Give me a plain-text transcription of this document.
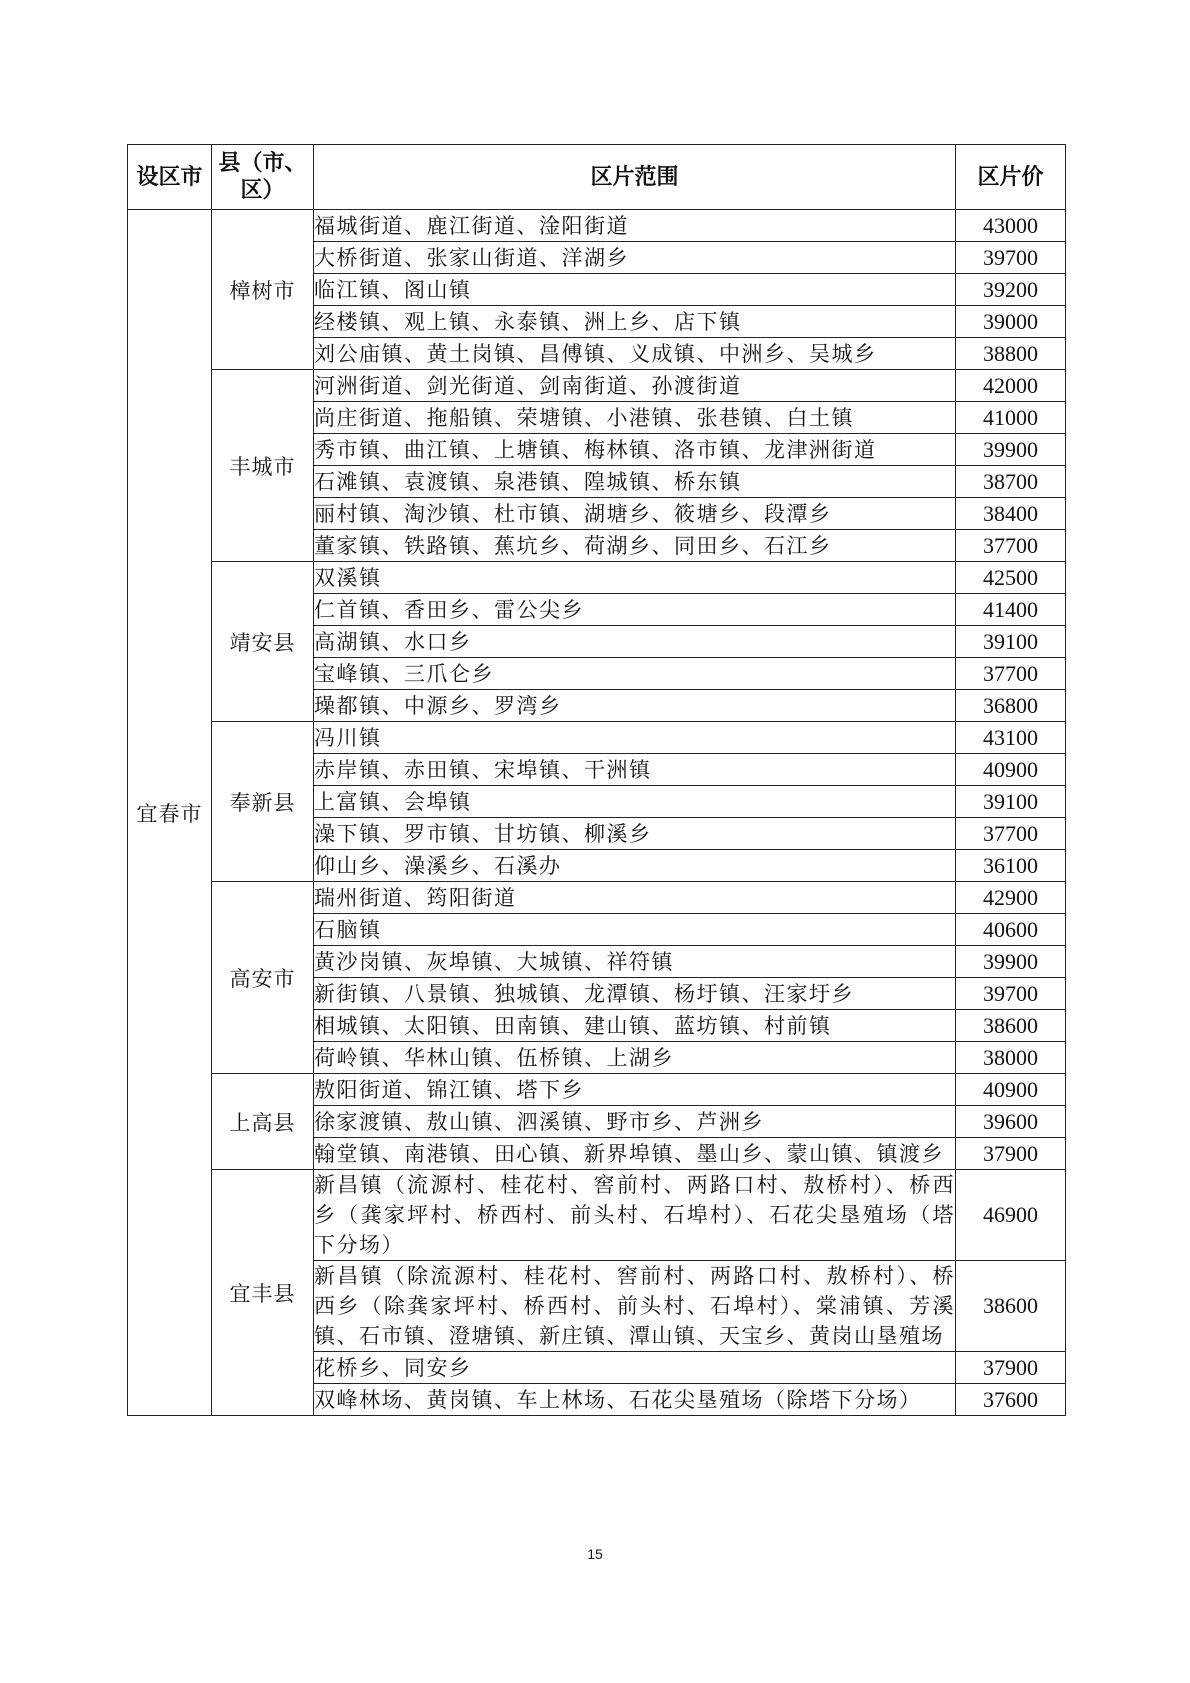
设区市	县（市、区）	区片范围	区片价
宜春市	樟树市	福城街道、鹿江街道、淦阳街道	43000
		大桥街道、张家山街道、洋湖乡	39700
		临江镇、阁山镇	39200
		经楼镇、观上镇、永泰镇、洲上乡、店下镇	39000
		刘公庙镇、黄土岗镇、昌傅镇、义成镇、中洲乡、吴城乡	38800
	丰城市	河洲街道、剑光街道、剑南街道、孙渡街道	42000
		尚庄街道、拖船镇、荣塘镇、小港镇、张巷镇、白土镇	41000
		秀市镇、曲江镇、上塘镇、梅林镇、洛市镇、龙津洲街道	39900
		石滩镇、袁渡镇、泉港镇、隍城镇、桥东镇	38700
		丽村镇、淘沙镇、杜市镇、湖塘乡、筱塘乡、段潭乡	38400
		董家镇、铁路镇、蕉坑乡、荷湖乡、同田乡、石江乡	37700
	靖安县	双溪镇	42500
		仁首镇、香田乡、雷公尖乡	41400
		高湖镇、水口乡	39100
		宝峰镇、三爪仑乡	37700
		璪都镇、中源乡、罗湾乡	36800
	奉新县	冯川镇	43100
		赤岸镇、赤田镇、宋埠镇、干洲镇	40900
		上富镇、会埠镇	39100
		澡下镇、罗市镇、甘坊镇、柳溪乡	37700
		仰山乡、澡溪乡、石溪办	36100
	高安市	瑞州街道、筠阳街道	42900
		石脑镇	40600
		黄沙岗镇、灰埠镇、大城镇、祥符镇	39900
		新街镇、八景镇、独城镇、龙潭镇、杨圩镇、汪家圩乡	39700
		相城镇、太阳镇、田南镇、建山镇、蓝坊镇、村前镇	38600
		荷岭镇、华林山镇、伍桥镇、上湖乡	38000
	上高县	敖阳街道、锦江镇、塔下乡	40900
		徐家渡镇、敖山镇、泗溪镇、野市乡、芦洲乡	39600
		翰堂镇、南港镇、田心镇、新界埠镇、墨山乡、蒙山镇、镇渡乡	37900
	宜丰县	新昌镇（流源村、桂花村、窖前村、两路口村、敖桥村）、桥西乡（龚家坪村、桥西村、前头村、石埠村）、石花尖垦殖场（塔下分场）	46900
		新昌镇（除流源村、桂花村、窖前村、两路口村、敖桥村）、桥西乡（除龚家坪村、桥西村、前头村、石埠村）、棠浦镇、芳溪镇、石市镇、澄塘镇、新庄镇、潭山镇、天宝乡、黄岗山垦殖场	38600
		花桥乡、同安乡	37900
		双峰林场、黄岗镇、车上林场、石花尖垦殖场（除塔下分场）	37600
15
